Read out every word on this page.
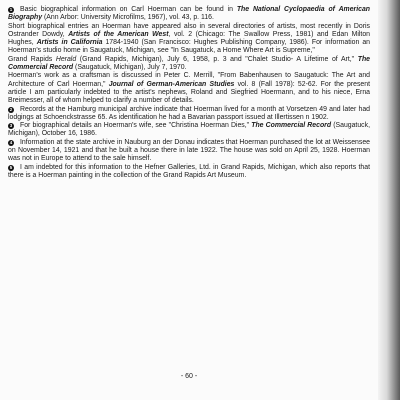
1 Basic biographical information on Carl Hoerman can be found in The National Cyclopaedia of American Biography (Ann Arbor: University Microfilms, 1967), vol. 43, p. 116.

Short biographical entries an Hoerman have appeared also in several directories of artists, most recently in Doris Ostrander Dowdy, Artists of the American West, vol. 2 (Chicago: The Swallow Press, 1981) and Edan Milton Hughes, Artists in California 1784-1940 (San Francisco: Hughes Publishing Company, 1986). For information an Hoerman's studio home in Saugatuck, Michigan, see "In Saugatuck, a Home Where Art is Supreme,"

Grand Rapids Herald (Grand Rapids, Michigan), July 6, 1958, p. 3 and "Chalet Studio- A Lifetime of Art," The Commercial Record (Saugatuck, Michigan), July 7, 1970.

Hoerman's work as a craftsman is discussed in Peter C. Merrill, "From Babenhausen to Saugatuck: The Art and Architecture of Carl Hoerman," Journal of German-American Studies vol. 8 (Fall 1978): 52-62. For the present article I am particularly indebted to the artist's nephews, Roland and Siegfried Hoermann, and to his niece, Erna Breimesser, all of whom helped to clarify a number of details.

2 Records at the Hamburg municipal archive indicate that Hoerman lived for a month at Vorsetzen 49 and later had lodgings at Schoenckstrasse 65. As identification he had a Bavarian passport issued at Illertissen n 1902.

3 For biographical details an Hoerman's wife, see "Christina Hoerman Dies," The Commercial Record (Saugatuck, Michigan), October 16, 1986.

4 Information at the state archive in Nauburg an der Donau indicates that Hoerman purchased the lot at Weissensee on November 14, 1921 and that he built a house there in late 1922. The house was sold on April 25, 1928. Hoerman was not in Europe to attend to the sale himself.

5 I am indebted for this information to the Hefner Galleries, Ltd. in Grand Rapids, Michigan, which also reports that there is a Hoerman painting in the collection of the Grand Rapids Art Museum.

- 60 -
